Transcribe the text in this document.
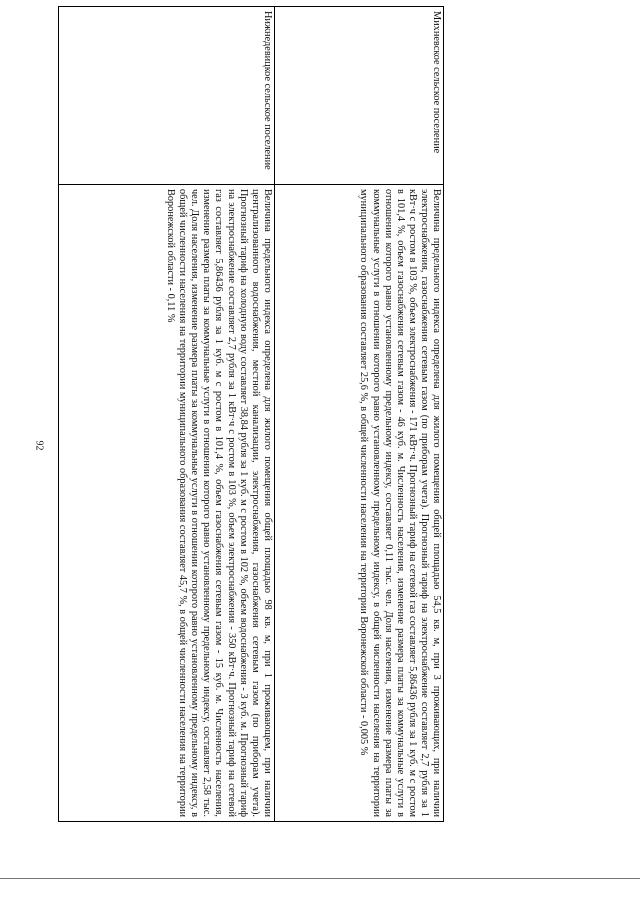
92
Михневское сельское поселение	Величина предельного индекса определена для жилого помещения общей площадью 54,5 кв. м, при 3 проживающих, при наличии электроснабжения, газоснабжения сетевым газом (по приборам учета). Прогнозный тариф на электроснабжение составляет 2,7 рубля за 1 кВт·ч с ростом в 103 %, объем электроснабжения - 171 кВт·ч. Прогнозный тариф на сетевой газ составляет 5,86436 рубля за 1 куб. м с ростом в 101,4 %, объем газоснабжения сетевым газом - 46 куб. м. Численность населения, изменение размера платы за коммунальные услуги в отношении которого равно установленному предельному индексу, составляет 0,11 тыс. чел. Доля населения, изменение размера платы за коммунальные услуги в отношении которого равно установленному предельному индексу, в общей численности населения на территории муниципального образования составляет 25,6 %, в общей численности населения на территории Воронежской области - 0,005 %
Нижнедевицкое сельское поселение	Величина предельного индекса определена для жилого помещения общей площадью 98 кв. м, при 1 проживающем, при наличии централизованного водоснабжения, местной канализации, электроснабжения, газоснабжения сетевым газом (по приборам учета). Прогнозный тариф на холодную воду составляет 38,84 рубля за 1 куб. м с ростом в 102 %, объем водоснабжения - 3 куб. м. Прогнозный тариф на электроснабжение составляет 2,7 рубля за 1 кВт·ч с ростом в 103 %, объем электроснабжения - 350 кВт·ч. Прогнозный тариф на сетевой газ составляет 5,86436 рубля за 1 куб. м с ростом в 101,4 %, объем газоснабжения сетевым газом - 15 куб. м. Численность населения, изменение размера платы за коммунальные услуги в отношении которого равно установленному предельному индексу, составляет 2,58 тыс. чел. Доля населения, изменение размера платы за коммунальные услуги в отношении которого равно установленному предельному индексу, в общей численности населения на территории муниципального образования составляет 45,7 %, в общей численности населения на территории Воронежской области - 0,11 %
